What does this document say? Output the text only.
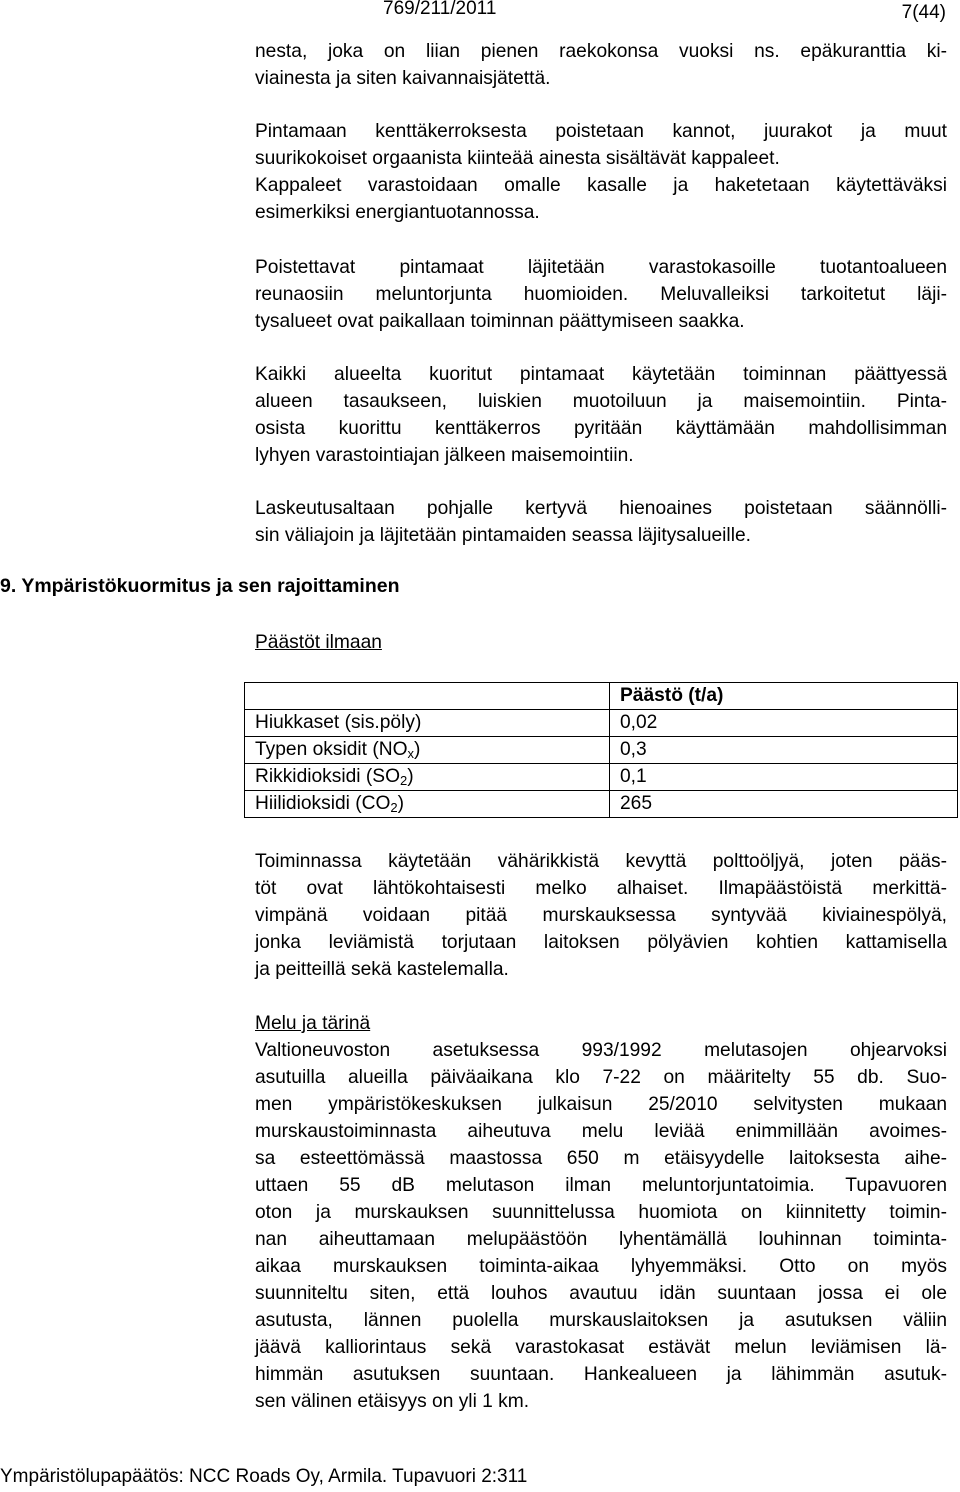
769/211/2011	7(44)
nesta, joka on liian pienen raekokonsa vuoksi ns. epäkuranttia ki-
viainesta ja siten kaivannaisjätettä.
Pintamaan kenttäkerroksesta poistetaan kannot, juurakot ja muut
suurikokoiset orgaanista kiinteää ainesta sisältävät kappaleet.
Kappaleet varastoidaan omalle kasalle ja haketetaan käytettäväksi
esimerkiksi energiantuotannossa.
Poistettavat pintamaat läjitetään varastokasoille tuotantoalueen
reunaosiin meluntorjunta huomioiden. Meluvalleiksi tarkoitetut läji-
tysalueet ovat paikallaan toiminnan päättymiseen saakka.
Kaikki alueelta kuoritut pintamaat käytetään toiminnan päättyessä
alueen tasaukseen, luiskien muotoiluun ja maisemointiin. Pinta-
osista kuorittu kenttäkerros pyritään käyttämään mahdollisimman
lyhyen varastointiajan jälkeen maisemointiin.
Laskeutusaltaan pohjalle kertyvä hienoaines poistetaan säännölli-
sin väliajoin ja läjitetään pintamaiden seassa läjitysalueille.
9. Ympäristökuormitus ja sen rajoittaminen
Päästöt ilmaan
	Päästö (t/a)
Hiukkaset (sis.pöly)	0,02
Typen oksidit $(NO_x)$	0,3
Rikkidioksidi $(SO_2)$	0,1
Hiilidioksidi $(CO_2)$	265
Toiminnassa käytetään vähärikkistä kevyttä polttoöljyä, joten pääs-
töt ovat lähtökohtaisesti melko alhaiset. Ilmapäästöistä merkittä-
vimpänä voidaan pitää murskauksessa syntyvää kiviainespölyä,
jonka leviämistä torjutaan laitoksen pölyävien kohtien kattamisella
ja peitteillä sekä kastelemalla.
Melu ja tärinä
Valtioneuvoston asetuksessa 993/1992 melutasojen ohjearvoksi
asutuilla alueilla päiväaikana klo 7-22 on määritelty 55 db. Suo-
men ympäristökeskuksen julkaisun 25/2010 selvitysten mukaan
murskaustoiminnasta aiheutuva melu leviää enimmillään avoimes-
sa esteettömässä maastossa 650 m etäisyydelle laitoksesta aihe-
uttaen 55 dB melutason ilman meluntorjuntatoimia. Tupavuoren
oton ja murskauksen suunnittelussa huomiota on kiinnitetty toimin-
nan aiheuttamaan melupäästöön lyhentämällä louhinnan toiminta-
aikaa murskauksen toiminta-aikaa lyhyemmäksi. Otto on myös
suunniteltu siten, että louhos avautuu idän suuntaan jossa ei ole
asutusta, lännen puolella murskauslaitoksen ja asutuksen väliin
jäävä kalliorintaus sekä varastokasat estävät melun leviämisen lä-
himmän asutuksen suuntaan. Hankealueen ja lähimmän asutuk-
sen välinen etäisyys on yli 1 km.
Ympäristölupapäätös: NCC Roads Oy, Armila. Tupavuori 2:311
